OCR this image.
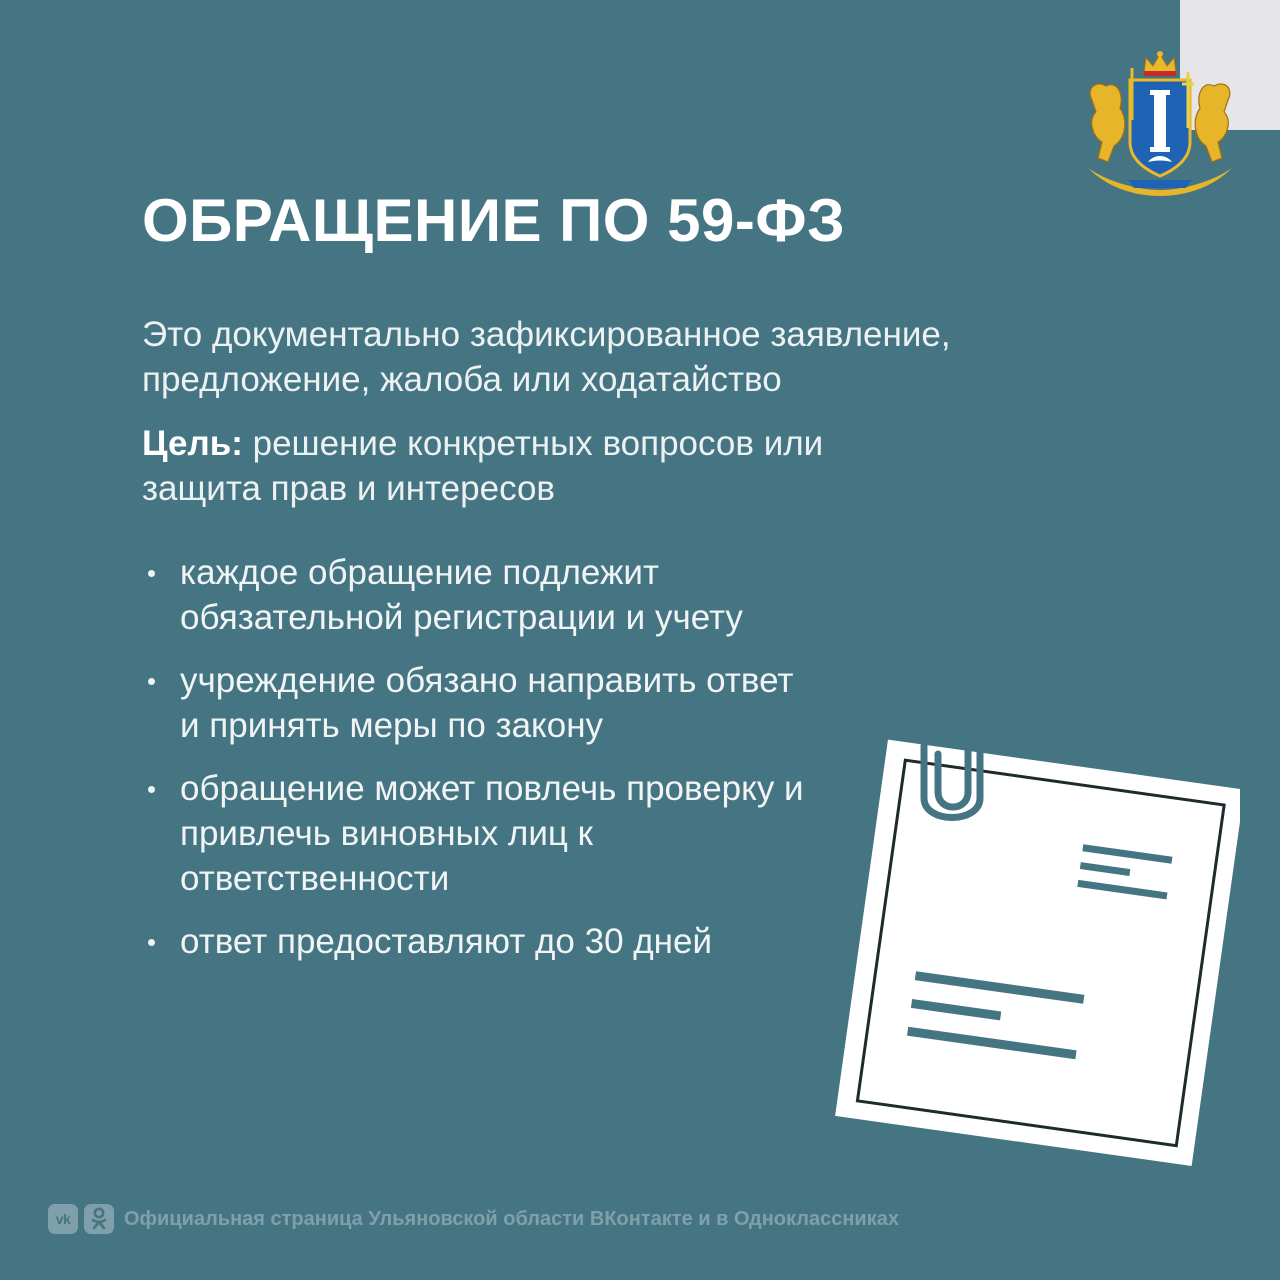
ОБРАЩЕНИЕ ПО 59-ФЗ

Это документально зафиксированное заявление, предложение, жалоба или ходатайство

Цель: решение конкретных вопросов или защита прав и интересов

каждое обращение подлежит обязательной регистрации и учету
учреждение обязано направить ответ и принять меры по закону
обращение может повлечь проверку и привлечь виновных лиц к ответственности
ответ предоставляют до 30 дней
vk	Официальная страница Ульяновской области ВКонтакте и в Одноклассниках
